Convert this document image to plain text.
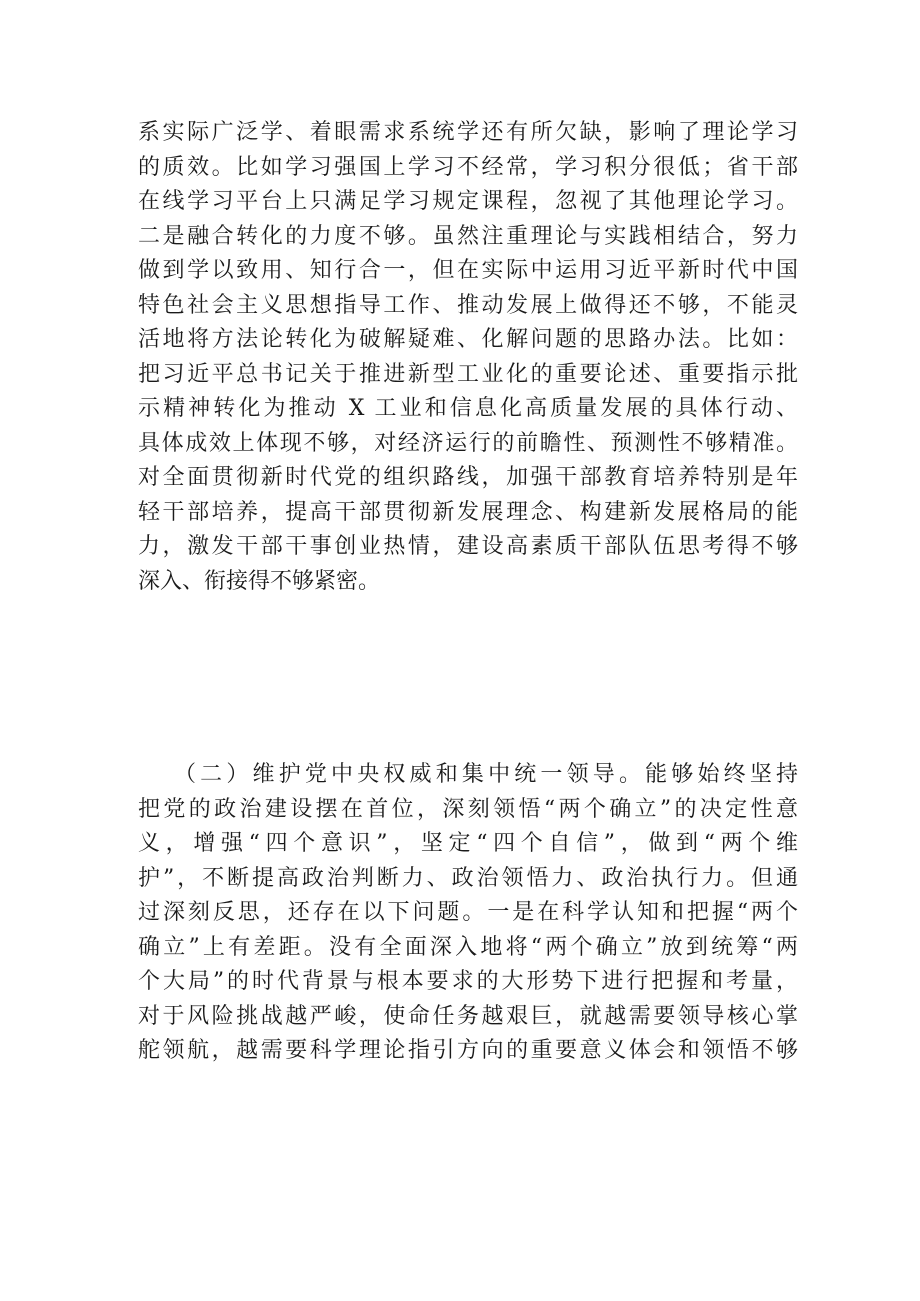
系实际广泛学、着眼需求系统学还有所欠缺，影响了理论学习
的质效。比如学习强国上学习不经常，学习积分很低；省干部
在线学习平台上只满足学习规定课程，忽视了其他理论学习。
二是融合转化的力度不够。虽然注重理论与实践相结合，努力
做到学以致用、知行合一，但在实际中运用习近平新时代中国
特色社会主义思想指导工作、推动发展上做得还不够，不能灵
活地将方法论转化为破解疑难、化解问题的思路办法。比如：
把习近平总书记关于推进新型工业化的重要论述、重要指示批
示精神转化为推动 X 工业和信息化高质量发展的具体行动、
具体成效上体现不够，对经济运行的前瞻性、预测性不够精准。
对全面贯彻新时代党的组织路线，加强干部教育培养特别是年
轻干部培养，提高干部贯彻新发展理念、构建新发展格局的能
力，激发干部干事创业热情，建设高素质干部队伍思考得不够
深入、衔接得不够紧密。
（二）维护党中央权威和集中统一领导。能够始终坚持
把党的政治建设摆在首位，深刻领悟“两个确立”的决定性意
义，增强“四个意识”，坚定“四个自信”，做到“两个维
护”，不断提高政治判断力、政治领悟力、政治执行力。但通
过深刻反思，还存在以下问题。一是在科学认知和把握“两个
确立”上有差距。没有全面深入地将“两个确立”放到统筹“两
个大局”的时代背景与根本要求的大形势下进行把握和考量，
对于风险挑战越严峻，使命任务越艰巨，就越需要领导核心掌
舵领航，越需要科学理论指引方向的重要意义体会和领悟不够
